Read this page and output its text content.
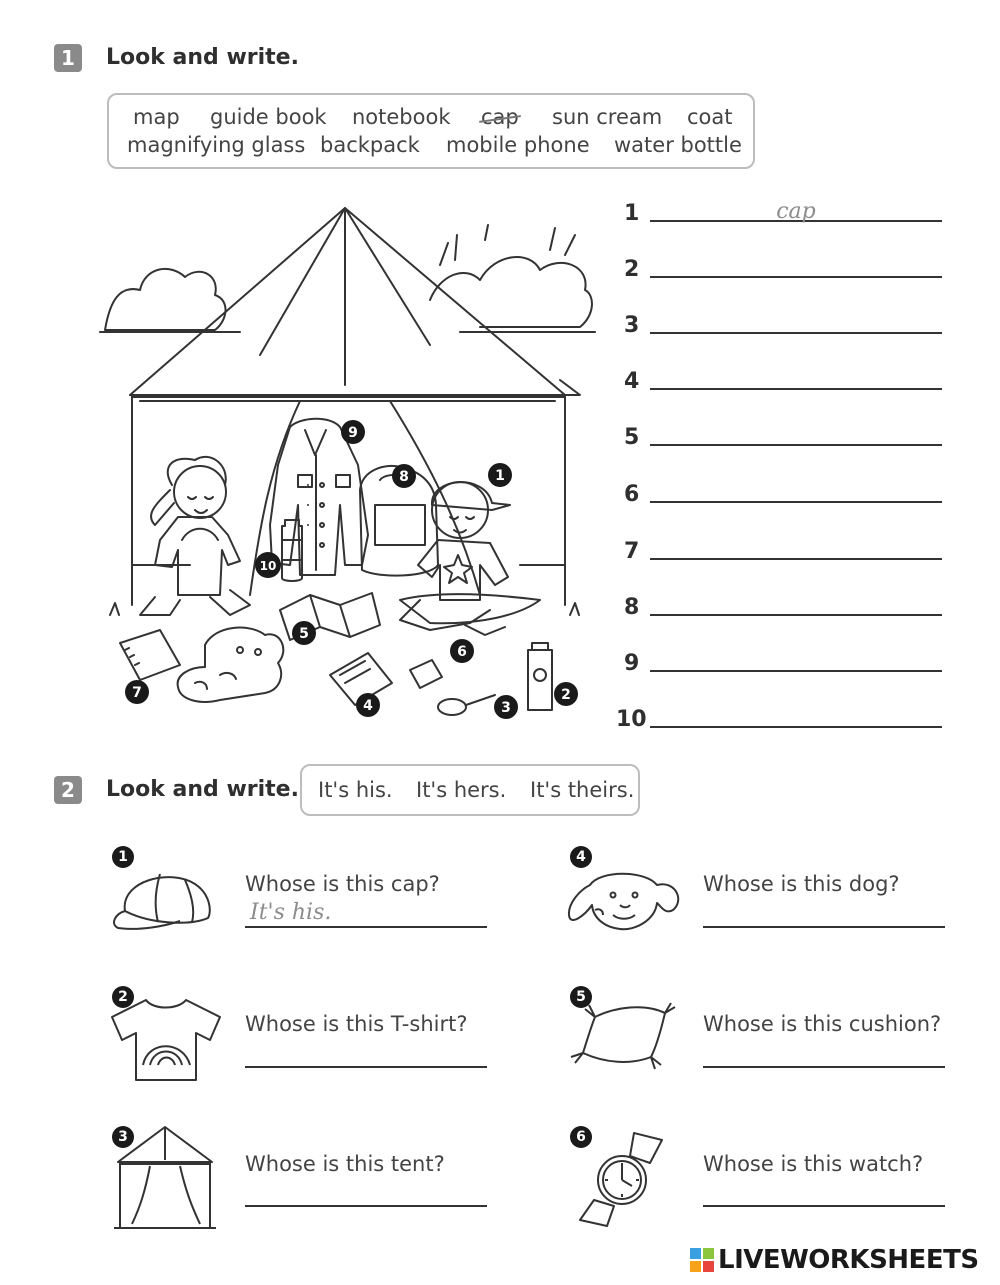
1	Look and write.
map guide book notebook cap sun cream coat
magnifying glass backpack mobile phone water bottle
1
2
3
4
5
6
7
8
9
10
1	cap
2
3
4
5
6
7
8
9
10
2	Look and write. It's his. It's hers. It's theirs.
1
Whose is this cap?
It's his.
2
Whose is this T-shirt?
3
Whose is this tent?
4
Whose is this dog?
5
Whose is this cushion?
6
Whose is this watch?
LIVEWORKSHEETS
